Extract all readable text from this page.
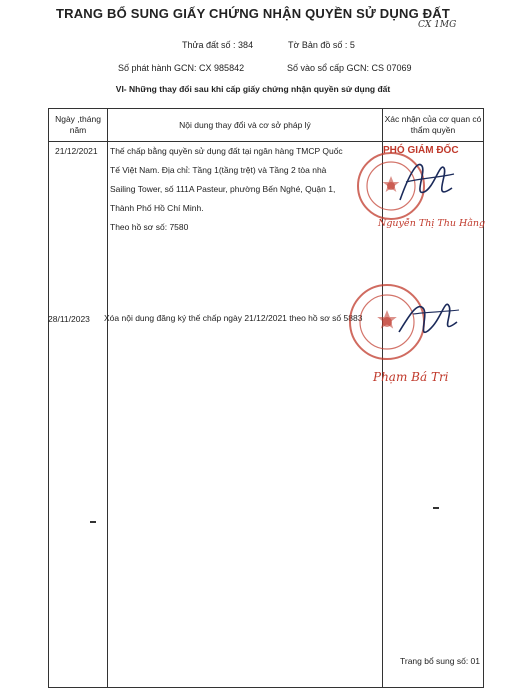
TRANG BỔ SUNG GIẤY CHỨNG NHẬN QUYỀN SỬ DỤNG ĐẤT
CX 1MG
Thửa đất số : 384	Tờ Bản đồ số : 5
Số phát hành GCN: CX 985842	Số vào sổ cấp GCN: CS 07069
VI- Những thay đổi sau khi cấp giấy chứng nhận quyền sử dụng đất
Ngày ,tháng năm	Nội dung thay đổi và cơ sở pháp lý	Xác nhận của cơ quan có thẩm quyền

21/12/2021 Thế chấp bằng quyền sử dụng đất tại ngân hàng TMCP Quốc
Tế Việt Nam. Địa chỉ: Tầng 1(tầng trệt) và Tầng 2 tòa nhà
Sailing Tower, số 111A Pasteur, phường Bến Nghé, Quận 1,
Thành Phố Hồ Chí Minh.
Theo hồ sơ số: 7580
28/11/2023 Xóa nội dung đăng ký thế chấp ngày 21/12/2021 theo hồ sơ số 5883
PHÓ GIÁM ĐỐC
Nguyễn Thị Thu Hằng
Phạm Bá Tri
Trang bổ sung số: 01
